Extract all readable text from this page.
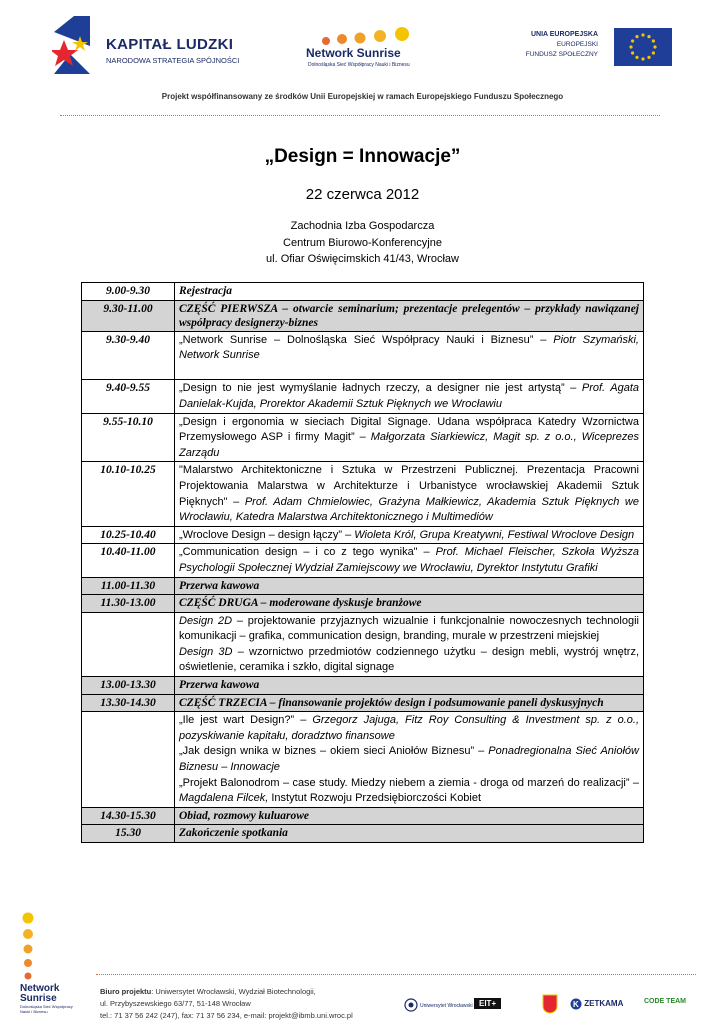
KAPITAŁ LUDZKI
NARODOWA STRATEGIA SPÓJNOŚCI
Network Sunrise
Dolnośląska Sieć Współpracy Nauki i Biznesu
UNIA EUROPEJSKA
EUROPEJSKI
FUNDUSZ SPOŁECZNY
Projekt współfinansowany ze środków Unii Europejskiej w ramach Europejskiego Funduszu Społecznego
„Design = Innowacje”
22 czerwca 2012
Zachodnia Izba Gospodarcza
Centrum Biurowo-Konferencyjne
ul. Ofiar Oświęcimskich 41/43, Wrocław
9.00-9.30	Rejestracja
9.30-11.00	CZĘŚĆ PIERWSZA – otwarcie seminarium; prezentacje prelegentów – przykłady nawiązanej współpracy designerzy-biznes
9.30-9.40	„Network Sunrise – Dolnośląska Sieć Współpracy Nauki i Biznesu” – Piotr Szymański, Network Sunrise

9.40-9.55	„Design to nie jest wymyślanie ładnych rzeczy, a designer nie jest artystą” – Prof. Agata Danielak-Kujda, Prorektor Akademii Sztuk Pięknych we Wrocławiu
9.55-10.10	„Design i ergonomia w sieciach Digital Signage. Udana współpraca Katedry Wzornictwa Przemysłowego ASP i firmy Magit” – Małgorzata Siarkiewicz, Magit sp. z o.o., Wiceprezes Zarządu
10.10-10.25	"Malarstwo Architektoniczne i Sztuka w Przestrzeni Publicznej. Prezentacja Pracowni Projektowania Malarstwa w Architekturze i Urbanistyce wrocławskiej Akademii Sztuk Pięknych" – Prof. Adam Chmielowiec, Grażyna Małkiewicz, Akademia Sztuk Pięknych we Wrocławiu, Katedra Malarstwa Architektonicznego i Multimediów
10.25-10.40	„Wroclove Design – design łączy” – Wioleta Król, Grupa Kreatywni, Festiwal Wroclove Design
10.40-11.00	„Communication design – i co z tego wynika" – Prof. Michael Fleischer, Szkoła Wyższa Psychologii Społecznej Wydział Zamiejscowy we Wrocławiu, Dyrektor Instytutu Grafiki
11.00-11.30	Przerwa kawowa
11.30-13.00	CZĘŚĆ DRUGA – moderowane dyskusje branżowe
	Design 2D – projektowanie przyjaznych wizualnie i funkcjonalnie nowoczesnych technologii komunikacji – grafika, communication design, branding, murale w przestrzeni miejskiej
Design 3D – wzornictwo przedmiotów codziennego użytku – design mebli, wystrój wnętrz, oświetlenie, ceramika i szkło, digital signage
13.00-13.30	Przerwa kawowa
13.30-14.30	CZĘŚĆ TRZECIA – finansowanie projektów design i podsumowanie paneli dyskusyjnych
	„Ile jest wart Design?” – Grzegorz Jajuga, Fitz Roy Consulting & Investment sp. z o.o., pozyskiwanie kapitału, doradztwo finansowe
„Jak design wnika w biznes – okiem sieci Aniołów Biznesu” – Ponadregionalna Sieć Aniołów Biznesu – Innowacje
„Projekt Balonodrom – case study. Miedzy niebem a ziemia - droga od marzeń do realizacji” – Magdalena Filcek, Instytut Rozwoju Przedsiębiorczości Kobiet
14.30-15.30	Obiad, rozmowy kuluarowe
15.30	Zakończenie spotkania
Network Sunrise
Dolnośląska Sieć Współpracy Nauki i Biznesu
Biuro projektu: Uniwersytet Wrocławski, Wydział Biotechnologii,
ul. Przybyszewskiego 63/77, 51-148 Wrocław
tel.: 71 37 56 242 (247), fax: 71 37 56 234, e-mail: projekt@ibmb.uni.wroc.pl
Uniwersytet Wrocławski EIT+	K ZETKAMA	CODE TEAM
